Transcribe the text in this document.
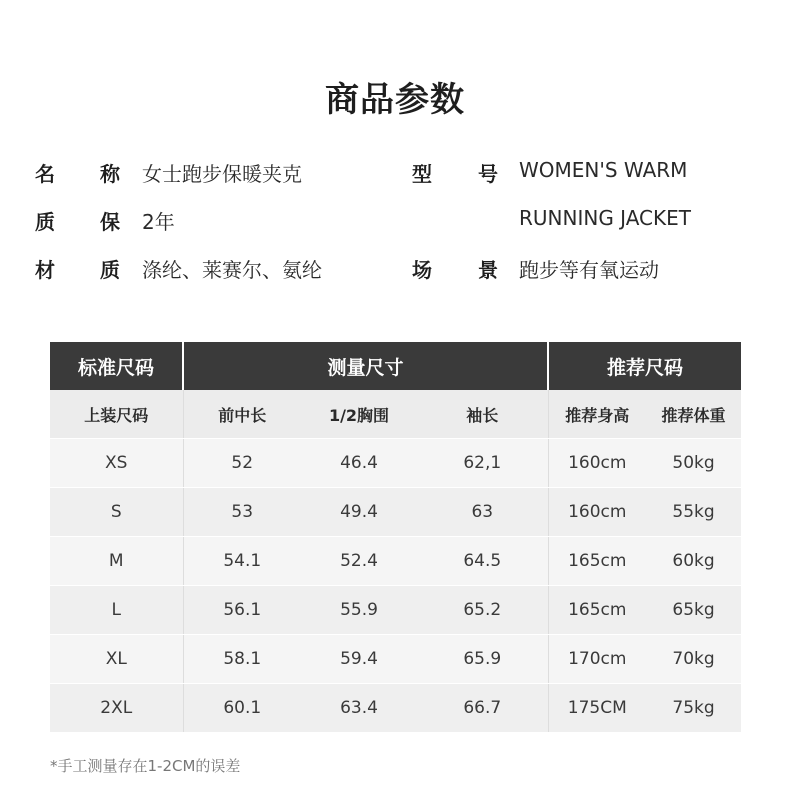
商品参数
名 称 女士跑步保暖夹克	型 号 WOMEN'S WARM
质 保 2年	RUNNING JACKET
材 质 涤纶、莱赛尔、氨纶	场 景 跑步等有氧运动
标准尺码	测量尺寸			推荐尺码	
上装尺码	前中长	1/2胸围	袖长	推荐身高	推荐体重
XS	52	46.4	62,1	160cm	50kg
S	53	49.4	63	160cm	55kg
M	54.1	52.4	64.5	165cm	60kg
L	56.1	55.9	65.2	165cm	65kg
XL	58.1	59.4	65.9	170cm	70kg
2XL	60.1	63.4	66.7	175CM	75kg
*手工测量存在1-2CM的误差
